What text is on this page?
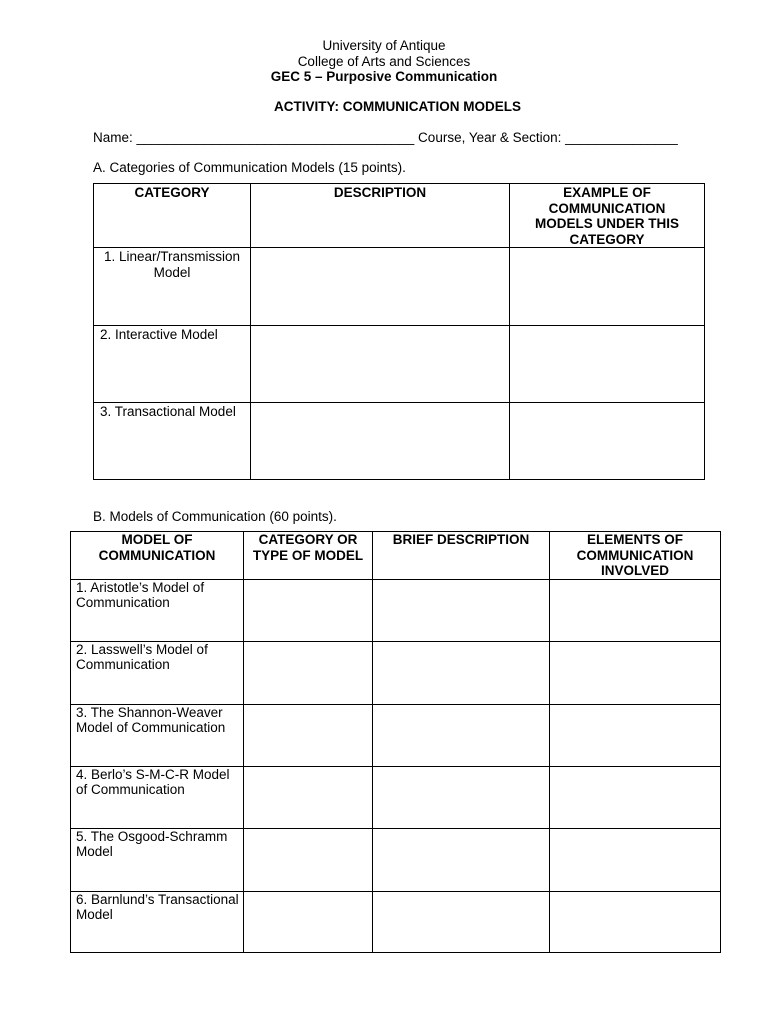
University of Antique
College of Arts and Sciences
GEC 5 – Purposive Communication
ACTIVITY: COMMUNICATION MODELS
Name: _____________________________________ Course, Year & Section: _______________
A. Categories of Communication Models (15 points).
CATEGORY	DESCRIPTION	EXAMPLE OF COMMUNICATION MODELS UNDER THIS CATEGORY
1. Linear/Transmission Model		
2. Interactive Model		
3. Transactional Model		
B. Models of Communication (60 points).
MODEL OF COMMUNICATION	CATEGORY OR TYPE OF MODEL	BRIEF DESCRIPTION	ELEMENTS OF COMMUNICATION INVOLVED
1. Aristotle’s Model of Communication			
2. Lasswell’s Model of Communication			
3. The Shannon-Weaver Model of Communication			
4. Berlo’s S-M-C-R Model of Communication			
5. The Osgood-Schramm Model			
6. Barnlund’s Transactional Model			
